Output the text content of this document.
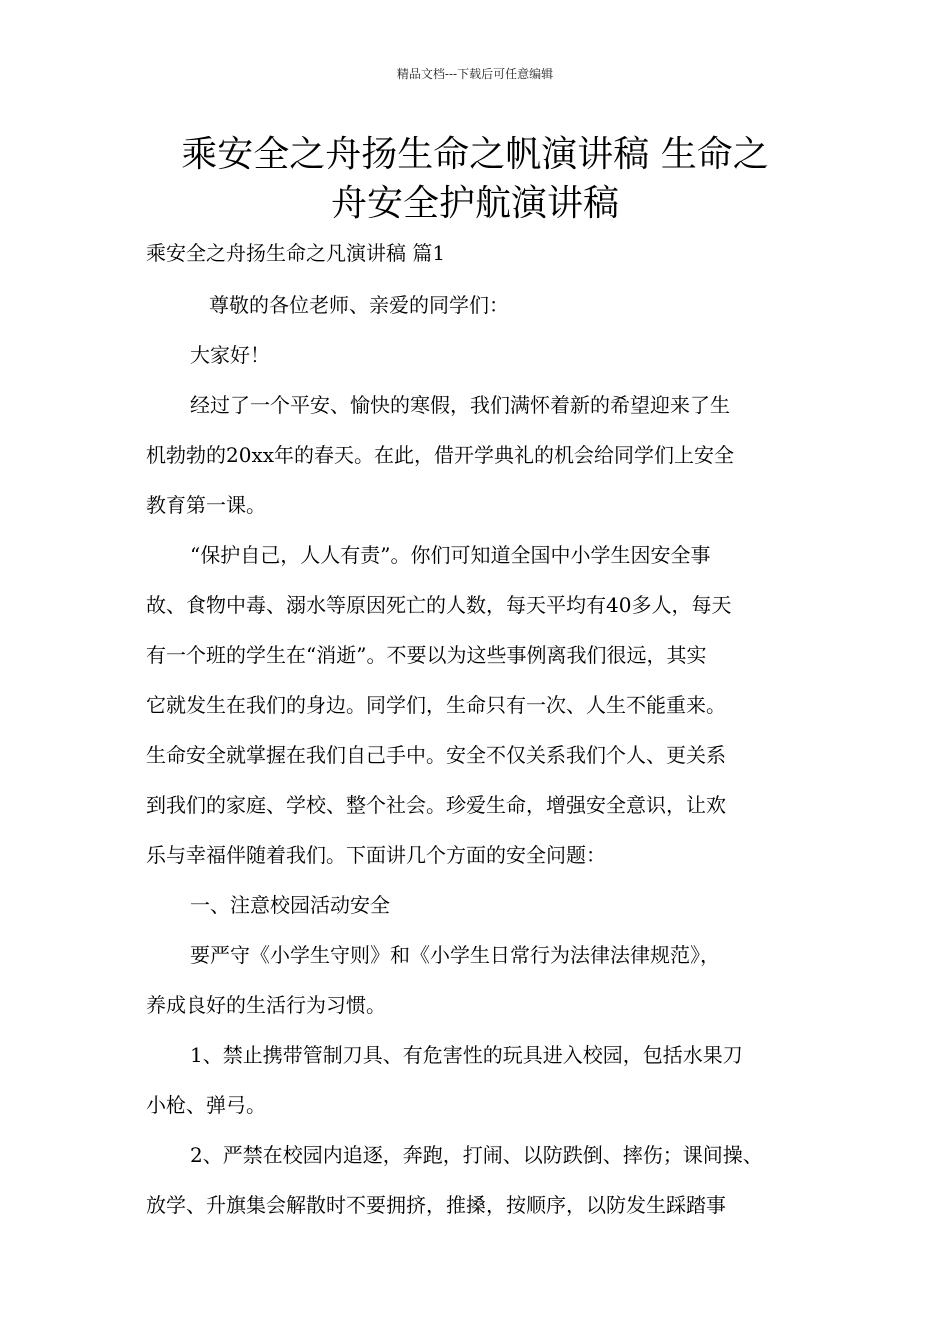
精品文档---下载后可任意编辑
乘安全之舟扬生命之帆演讲稿 生命之
舟安全护航演讲稿
乘安全之舟扬生命之凡演讲稿 篇1
尊敬的各位老师、亲爱的同学们：
大家好！
经过了一个平安、愉快的寒假，我们满怀着新的希望迎来了生
机勃勃的20xx年的春天。在此，借开学典礼的机会给同学们上安全
教育第一课。
“保护自己，人人有责”。你们可知道全国中小学生因安全事
故、食物中毒、溺水等原因死亡的人数，每天平均有40多人，每天
有一个班的学生在“消逝”。不要以为这些事例离我们很远，其实
它就发生在我们的身边。同学们，生命只有一次、人生不能重来。
生命安全就掌握在我们自己手中。安全不仅关系我们个人、更关系
到我们的家庭、学校、整个社会。珍爱生命，增强安全意识，让欢
乐与幸福伴随着我们。下面讲几个方面的安全问题：
一、注意校园活动安全
要严守《小学生守则》和《小学生日常行为法律法律规范》，
养成良好的生活行为习惯。
1、禁止携带管制刀具、有危害性的玩具进入校园，包括水果刀
小枪、弹弓。
2、严禁在校园内追逐，奔跑，打闹、以防跌倒、摔伤；课间操、
放学、升旗集会解散时不要拥挤，推搡，按顺序，以防发生踩踏事
